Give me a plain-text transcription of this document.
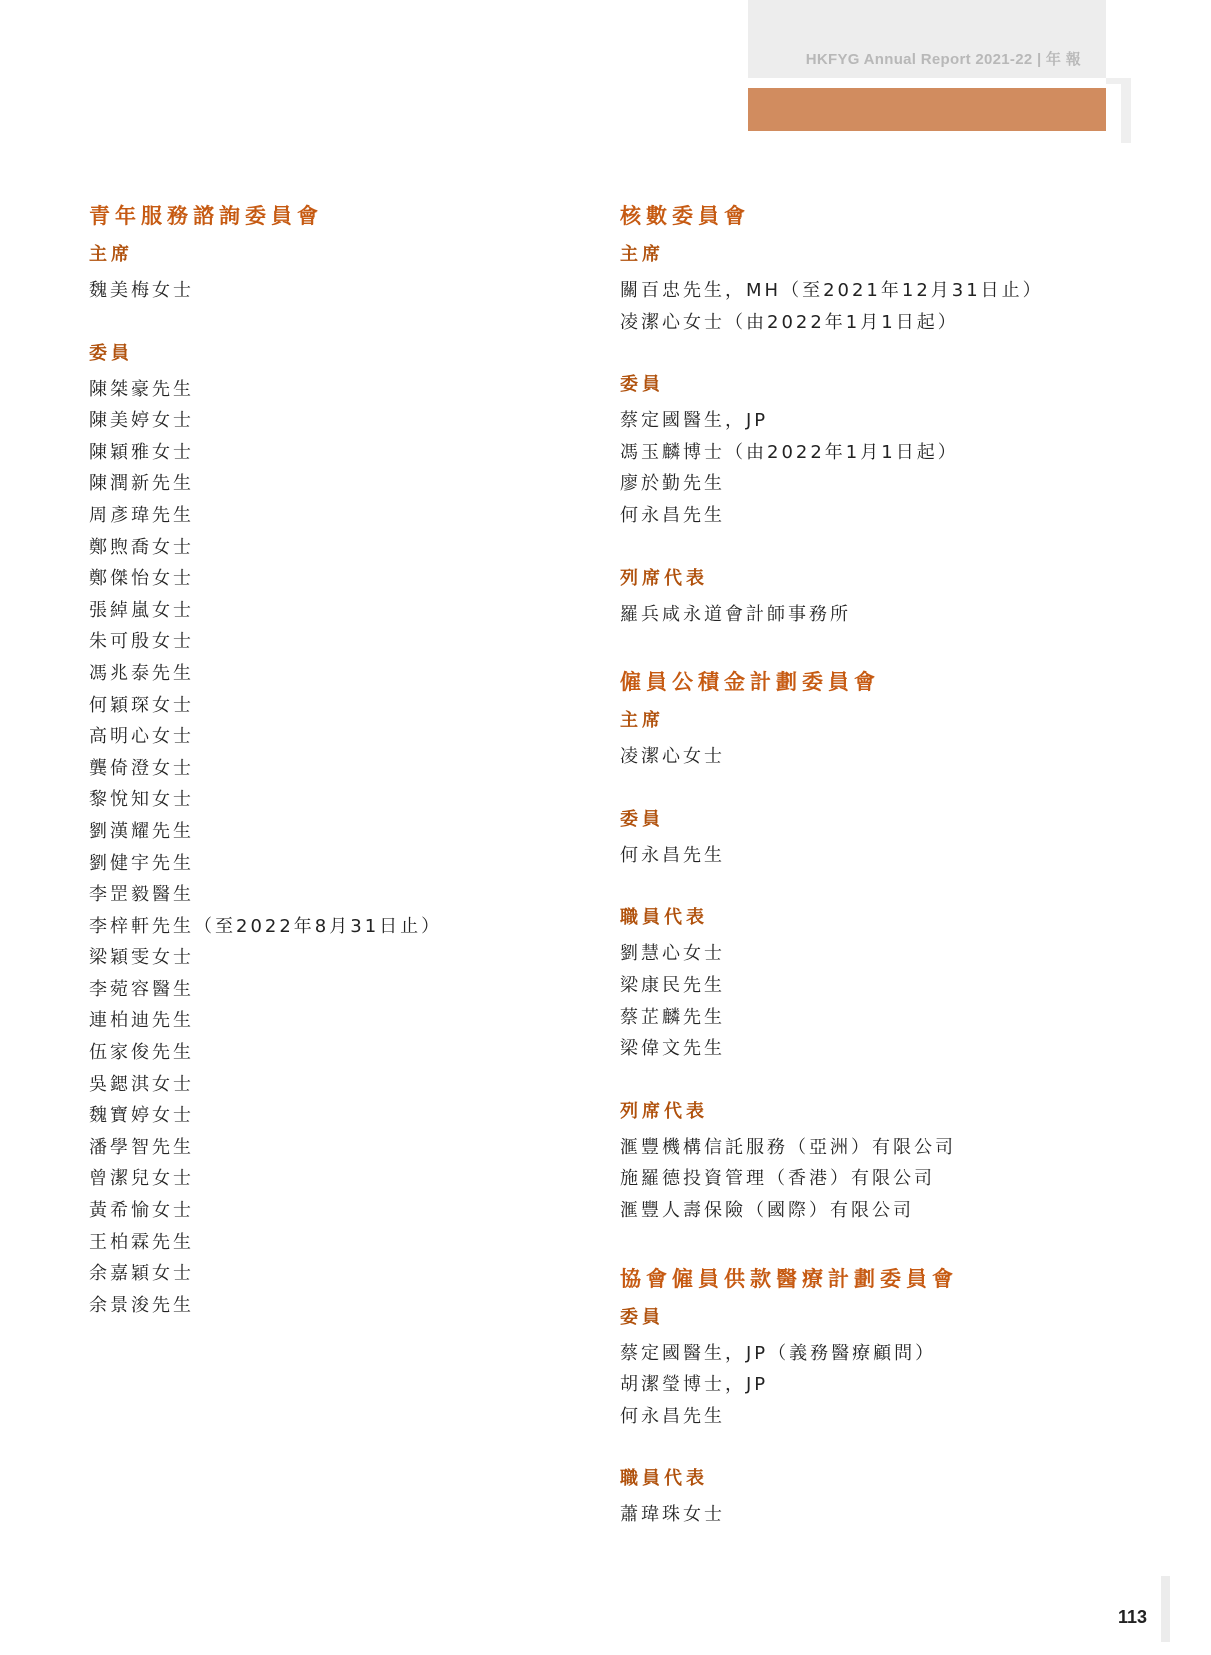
HKFYG Annual Report 2021-22 | 年 報
青年服務諮詢委員會
主席
魏美梅女士
委員
陳桀豪先生
陳美婷女士
陳穎雅女士
陳潤新先生
周彥瑋先生
鄭煦喬女士
鄭傑怡女士
張綽嵐女士
朱可殷女士
馮兆泰先生
何穎琛女士
高明心女士
龔倚澄女士
黎悅知女士
劉漢耀先生
劉健宇先生
李罡毅醫生
李梓軒先生（至2022年8月31日止）
梁穎雯女士
李菀容醫生
連柏迪先生
伍家俊先生
吳鍶淇女士
魏寶婷女士
潘學智先生
曾潔兒女士
黃希愉女士
王柏霖先生
余嘉穎女士
余景浚先生
核數委員會
主席
關百忠先生，MH（至2021年12月31日止）
凌潔心女士（由2022年1月1日起）
委員
蔡定國醫生，JP
馮玉麟博士（由2022年1月1日起）
廖於勤先生
何永昌先生
列席代表
羅兵咸永道會計師事務所
僱員公積金計劃委員會
主席
凌潔心女士
委員
何永昌先生
職員代表
劉慧心女士
梁康民先生
蔡芷麟先生
梁偉文先生
列席代表
滙豐機構信託服務（亞洲）有限公司
施羅德投資管理（香港）有限公司
滙豐人壽保險（國際）有限公司
協會僱員供款醫療計劃委員會
委員
蔡定國醫生，JP（義務醫療顧問）
胡潔瑩博士，JP
何永昌先生
職員代表
蕭瑋珠女士
113
